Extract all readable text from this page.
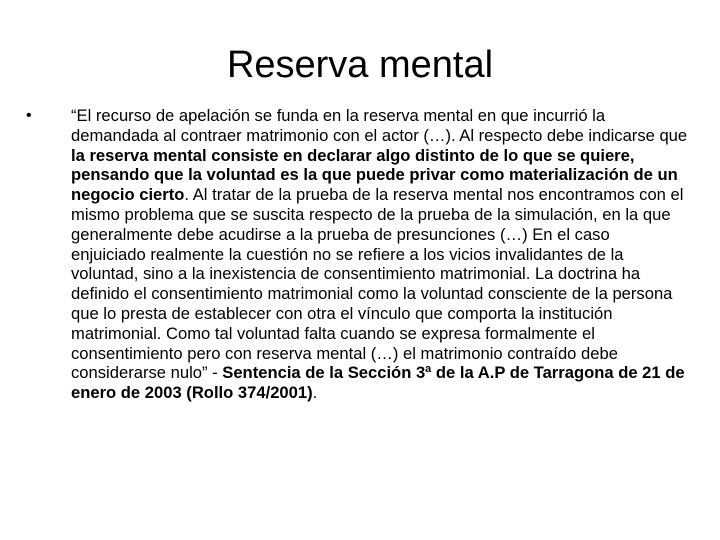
Reserva mental
• “El recurso de apelación se funda en la reserva mental en que incurrió la demandada al contraer matrimonio con el actor (…). Al respecto debe indicarse que la reserva mental consiste en declarar algo distinto de lo que se quiere, pensando que la voluntad es la que puede privar como materialización de un negocio cierto. Al tratar de la prueba de la reserva mental nos encontramos con el mismo problema que se suscita respecto de la prueba de la simulación, en la que generalmente debe acudirse a la prueba de presunciones (…) En el caso enjuiciado realmente la cuestión no se refiere a los vicios invalidantes de la voluntad, sino a la inexistencia de consentimiento matrimonial. La doctrina ha definido el consentimiento matrimonial como la voluntad consciente de la persona que lo presta de establecer con otra el vínculo que comporta la institución matrimonial. Como tal voluntad falta cuando se expresa formalmente el consentimiento pero con reserva mental (…) el matrimonio contraído debe considerarse nulo” - Sentencia de la Sección 3ª de la A.P de Tarragona de 21 de enero de 2003 (Rollo 374/2001).
